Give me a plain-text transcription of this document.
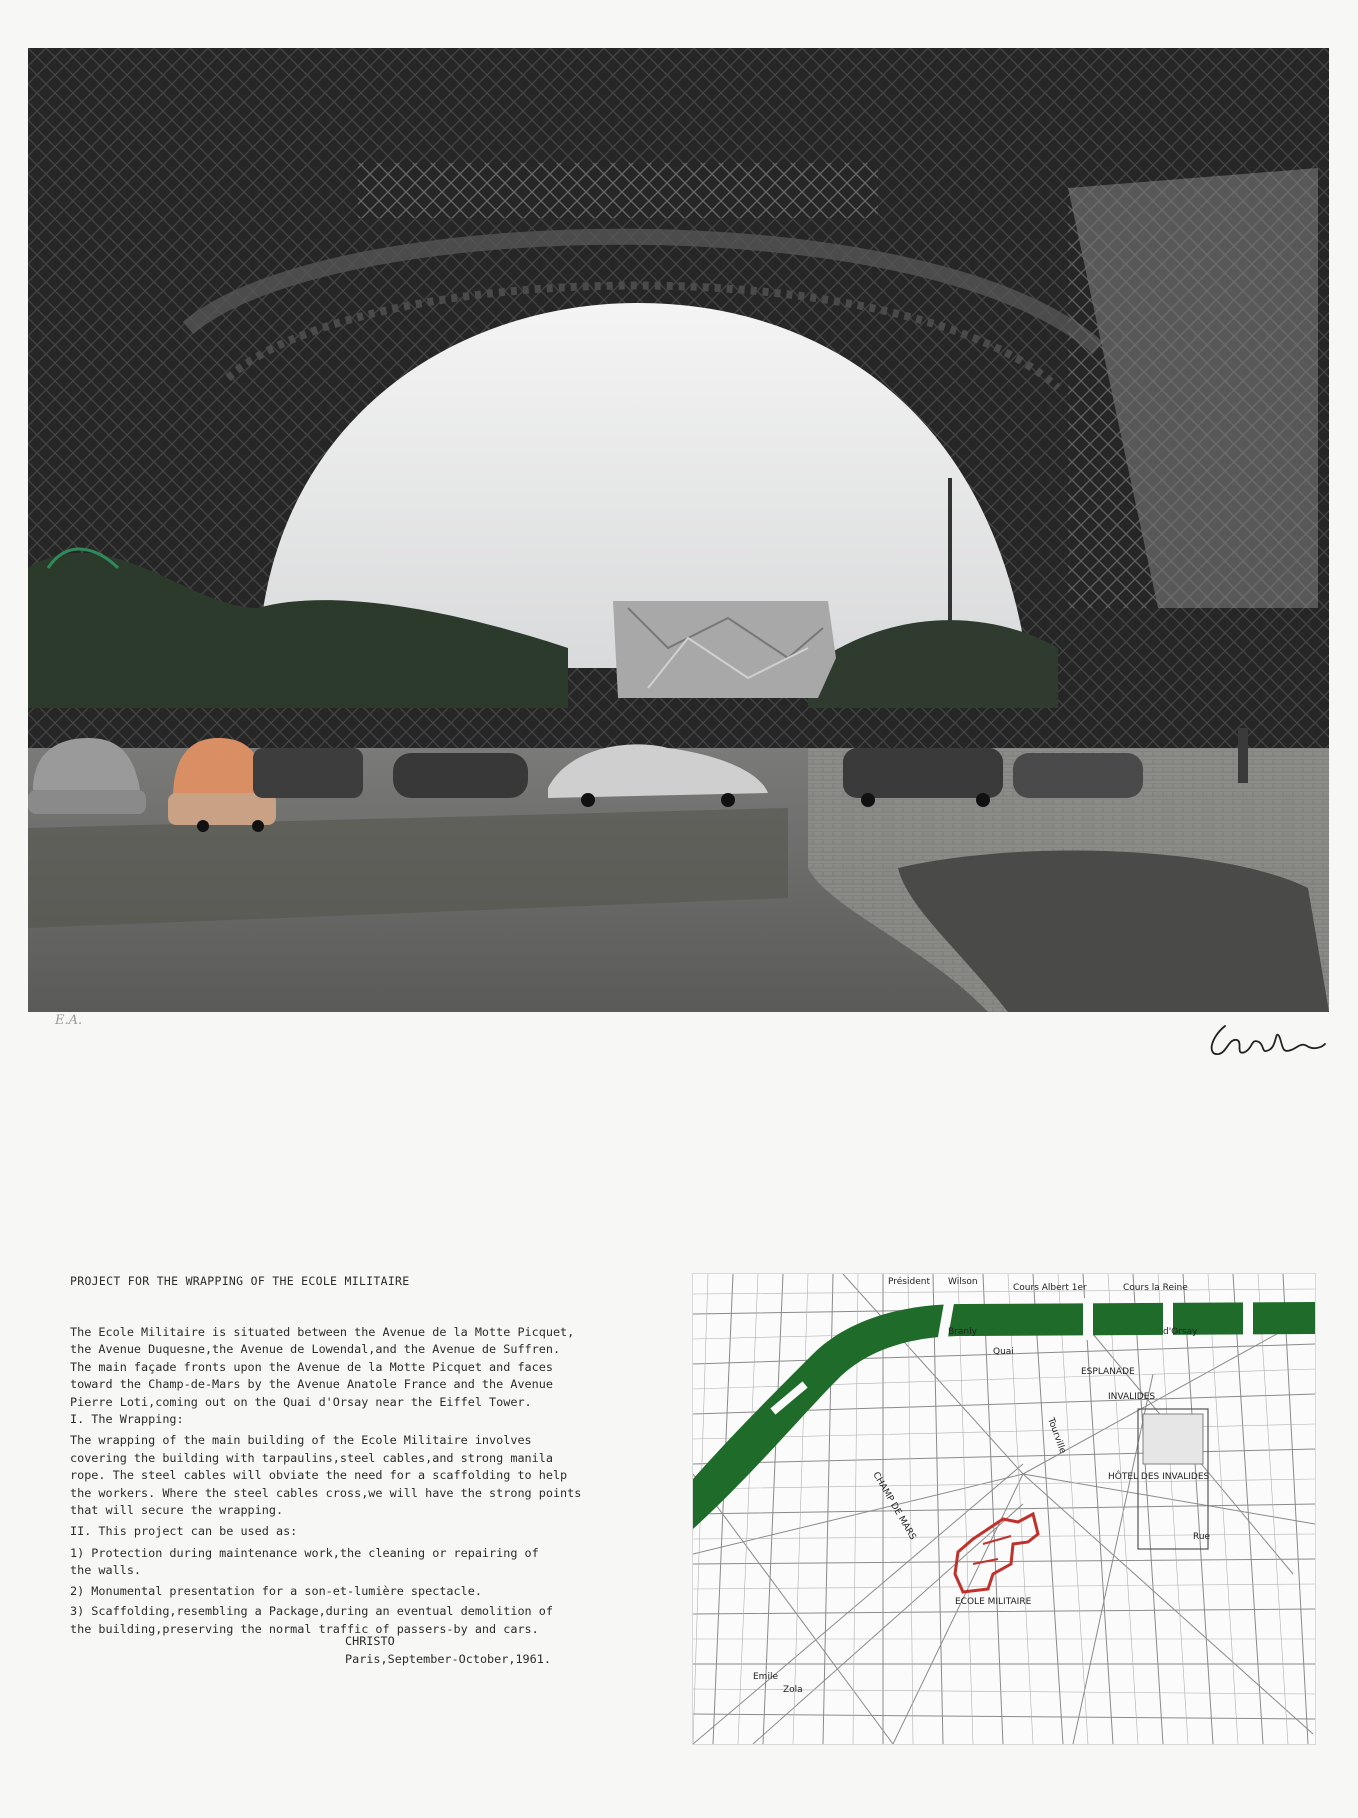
E.A.

PROJECT FOR THE WRAPPING OF THE ECOLE MILITAIRE

The Ecole Militaire is situated between the Avenue de la Motte Picquet,
the Avenue Duquesne,the Avenue de Lowendal,and the Avenue de Suffren.
The main façade fronts upon the Avenue de la Motte Picquet and faces
toward the Champ-de-Mars by the Avenue Anatole France and the Avenue
Pierre Loti,coming out on the Quai d'Orsay near the Eiffel Tower.

I. The Wrapping:

The wrapping of the main building of the Ecole Militaire involves
covering the building with tarpaulins,steel cables,and strong manila
rope. The steel cables will obviate the need for a scaffolding to help
the workers. Where the steel cables cross,we will have the strong points
that will secure the wrapping.

II. This project can be used as:

1) Protection during maintenance work,the cleaning or repairing of
the walls.
2) Monumental presentation for a son-et-lumière spectacle.
3) Scaffolding,resembling a Package,during an eventual demolition of
the building,preserving the normal traffic of passers-by and cars.
CHRISTO
Paris,September-October,1961.
Président Wilson
Cours Albert 1er	Cours la Reine
Quai
Branly	d'Orsay
ESPLANADE
INVALIDES
HÔTEL DES INVALIDES
CHAMP DE MARS
ECOLE MILITAIRE
Emile
Zola
Tourville
Rue
